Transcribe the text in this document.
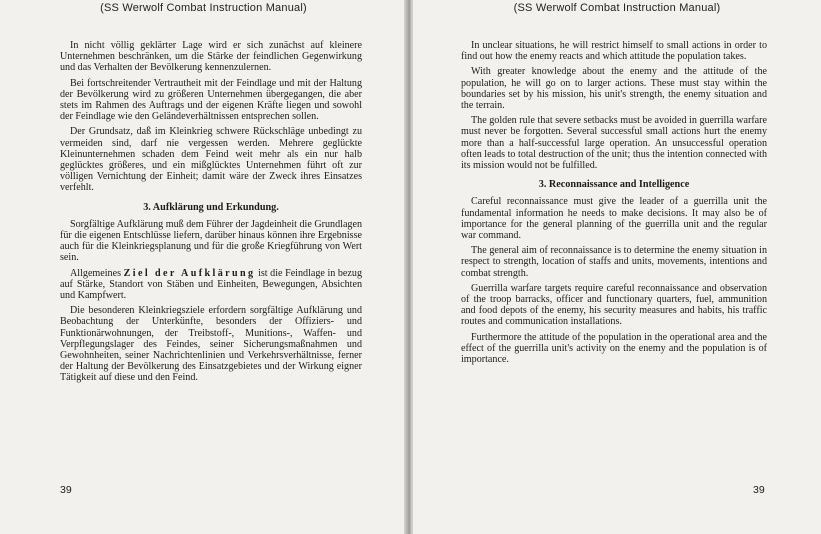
(SS Werwolf Combat Instruction Manual)

In nicht völlig geklärter Lage wird er sich zunächst auf kleinere Unternehmen beschränken, um die Stärke der feindlichen Gegenwirkung und das Verhalten der Bevölkerung kennenzulernen.

Bei fortschreitender Vertrautheit mit der Feindlage und mit der Haltung der Bevölkerung wird zu größeren Unternehmen übergegangen, die aber stets im Rahmen des Auftrags und der eigenen Kräfte liegen und sowohl der Feindlage wie den Geländeverhältnissen entsprechen sollen.

Der Grundsatz, daß im Kleinkrieg schwere Rückschläge unbedingt zu vermeiden sind, darf nie vergessen werden. Mehrere geglückte Kleinunternehmen schaden dem Feind weit mehr als ein nur halb geglücktes größeres, und ein mißglücktes Unternehmen führt oft zur völligen Vernichtung der Einheit; damit wäre der Zweck ihres Einsatzes verfehlt.

3. Aufklärung und Erkundung.

Sorgfältige Aufklärung muß dem Führer der Jagdeinheit die Grundlagen für die eigenen Entschlüsse liefern, darüber hinaus können ihre Ergebnisse auch für die Kleinkriegsplanung und für die große Kriegführung von Wert sein.

Allgemeines Ziel der Aufklärung ist die Feindlage in bezug auf Stärke, Standort von Stäben und Einheiten, Bewegungen, Absichten und Kampfwert.

Die besonderen Kleinkriegsziele erfordern sorgfältige Aufklärung und Beobachtung der Unterkünfte, besonders der Offiziers- und Funktionärwohnungen, der Treibstoff-, Munitions-, Waffen- und Verpflegungslager des Feindes, seiner Sicherungsmaßnahmen und Gewohnheiten, seiner Nachrichtenlinien und Verkehrsverhältnisse, ferner der Haltung der Bevölkerung des Einsatzgebietes und der Wirkung eigner Tätigkeit auf diese und den Feind.

39
(SS Werwolf Combat Instruction Manual)
39

In unclear situations, he will restrict himself to small actions in order to find out how the enemy reacts and which attitude the population takes.

With greater knowledge about the enemy and the attitude of the population, he will go on to larger actions. These must stay within the boundaries set by his mission, his unit's strength, the enemy situation and the terrain.

The golden rule that severe setbacks must be avoided in guerrilla warfare must never be forgotten. Several successful small actions hurt the enemy more than a half-successful large operation. An unsuccessful operation often leads to total destruction of the unit; thus the intention connected with its mission would not be fulfilled.

3. Reconnaissance and Intelligence

Careful reconnaissance must give the leader of a guerrilla unit the fundamental information he needs to make decisions. It may also be of importance for the general planning of the guerrilla unit and the regular war command.

The general aim of reconnaissance is to determine the enemy situation in respect to strength, location of staffs and units, movements, intentions and combat strength.

Guerrilla warfare targets require careful reconnaissance and observation of the troop barracks, officer and functionary quarters, fuel, ammunition and food depots of the enemy, his security measures and habits, his traffic routes and communication installations.

Furthermore the attitude of the population in the operational area and the effect of the guerrilla unit's activity on the enemy and the population is of importance.
